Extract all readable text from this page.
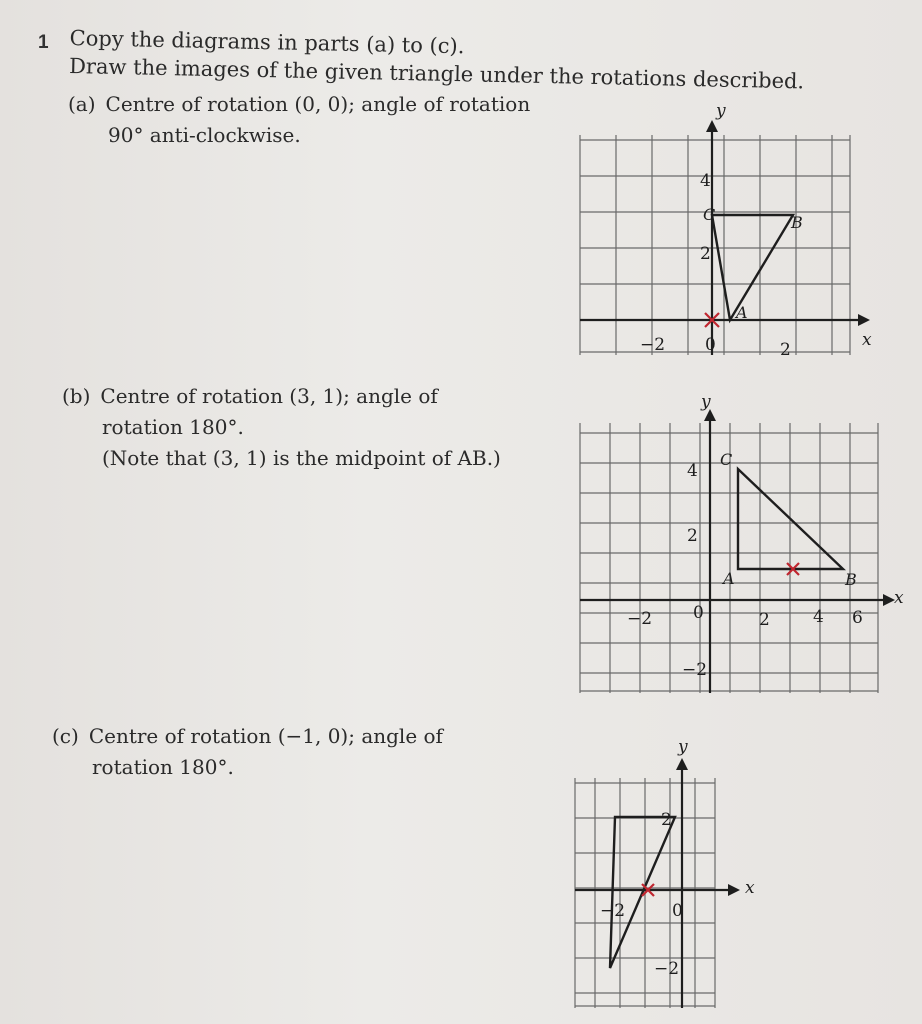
1 Copy the diagrams in parts (a) to (c).
Draw the images of the given triangle under the rotations described.
(a) Centre of rotation (0, 0); angle of rotation
90° anti-clockwise.
(b) Centre of rotation (3, 1); angle of
rotation 180°.
(Note that (3, 1) is the midpoint of AB.)
(c) Centre of rotation (−1, 0); angle of
rotation 180°.
y
x
−2 0	2
4
2
C	B
A
y
x
−2 0	2	4 6
4
2
−2
C
A	B
y
x
−2	0
2
−2
